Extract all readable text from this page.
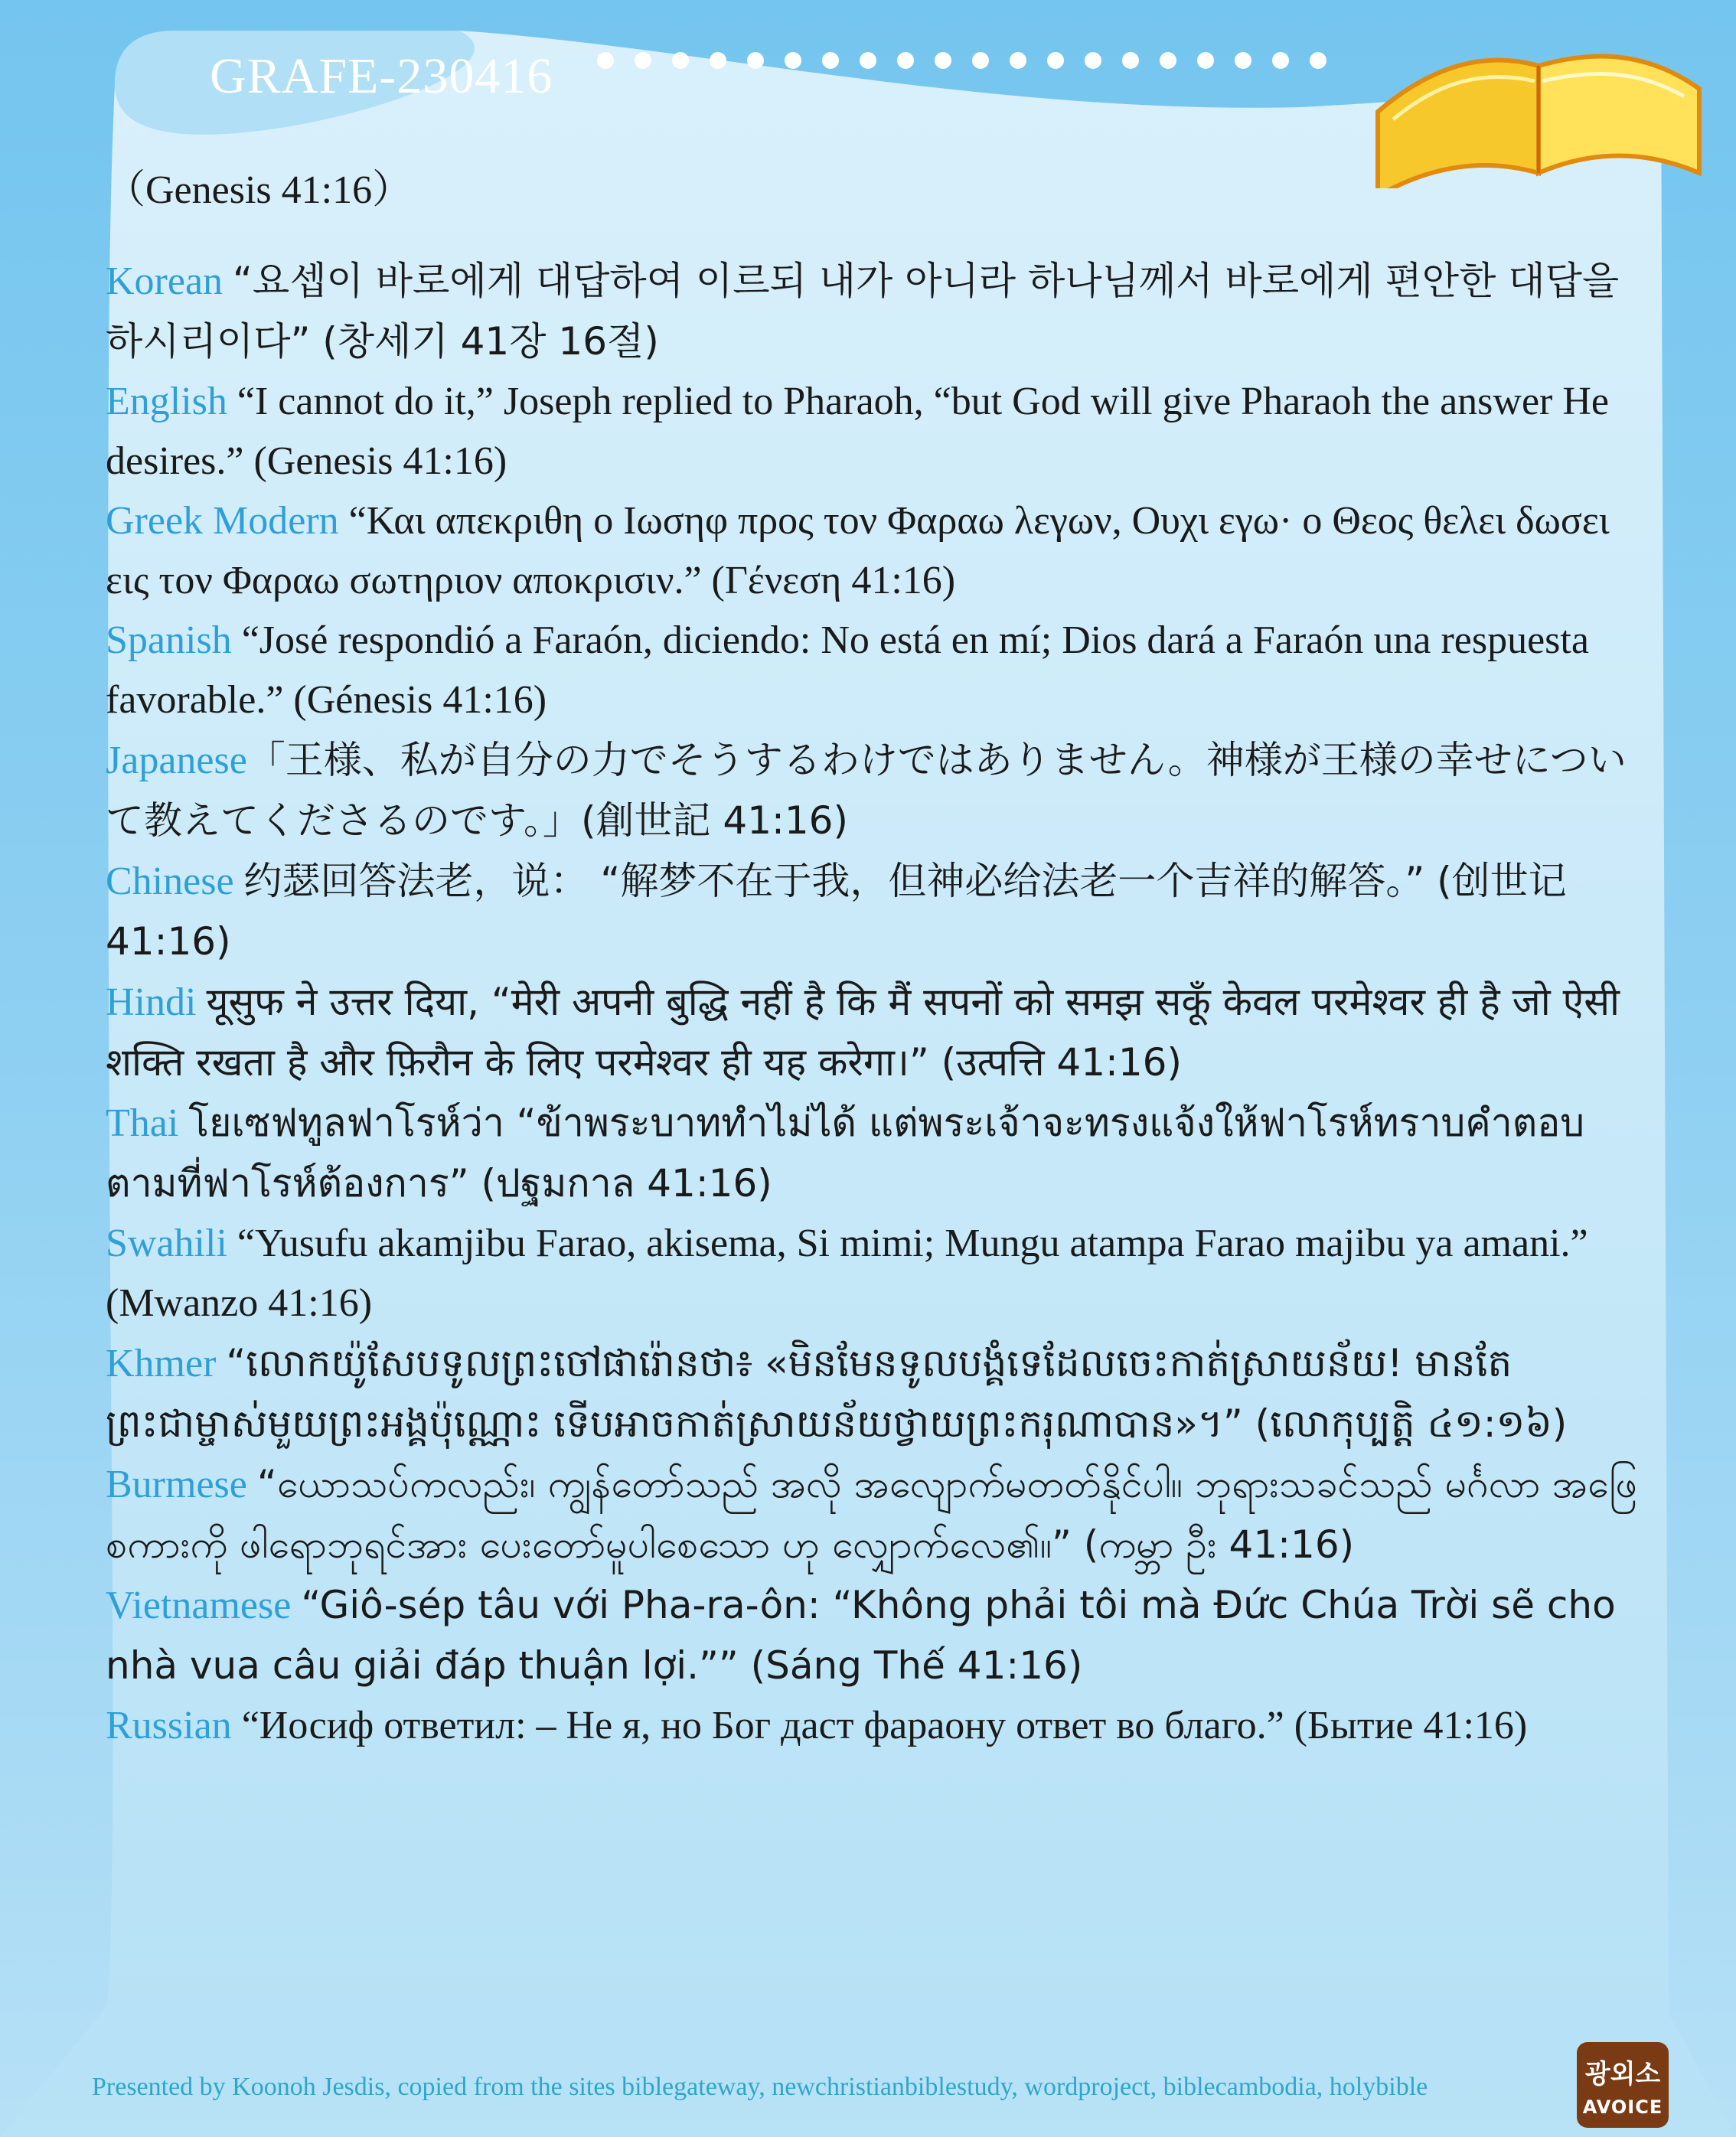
GRAFE-230416

（Genesis 41:16）

Korean “요셉이 바로에게 대답하여 이르되 내가 아니라 하나님께서 바로에게 편안한 대답을 하시리이다” (창세기 41장 16절)

English “I cannot do it,” Joseph replied to Pharaoh, “but God will give Pharaoh the answer He desires.” (Genesis 41:16)

Greek Modern “Και απεκριθη ο Ιωσηφ προς τον Φαραω λεγων, Ουχι εγω· ο Θεος θελει δωσει εις τον Φαραω σωτηριον αποκρισιν.” (Γένεση 41:16)

Spanish “José respondió a Faraón, diciendo: No está en mí; Dios dará a Faraón una respuesta favorable.” (Génesis 41:16)

Japanese「王様、私が自分の力でそうするわけではありません。神様が王様の幸せについて教えてくださるのです。」(創世記 41:16)

Chinese 约瑟回答法老，说： “解梦不在于我，但神必给法老一个吉祥的解答。” (创世记 41:16)

Hindi यूसुफ ने उत्तर दिया, “मेरी अपनी बुद्धि नहीं है कि मैं सपनों को समझ सकूँ केवल परमेश्वर ही है जो ऐसी शक्ति रखता है और फ़िरौन के लिए परमेश्वर ही यह करेगा।” (उत्पत्ति 41:16)

Thai โยเซฟทูลฟาโรห์ว่า “ข้าพระบาททำไม่ได้ แต่พระเจ้าจะทรงแจ้งให้ฟาโรห์ทราบคำตอบตามที่ฟาโรห์ต้องการ” (ปฐมกาล 41:16)

Swahili “Yusufu akamjibu Farao, akisema, Si mimi; Mungu atampa Farao majibu ya amani.” (Mwanzo 41:16)

Khmer “លោកយ៉ូសែបទូលព្រះចៅផារ៉ោនថា៖ «មិនមែនទូលបង្គំទេដែលចេះកាត់ស្រាយន័យ! មានតែព្រះជាម្ចាស់មួយព្រះអង្គប៉ុណ្ណោះ ទើបអាចកាត់ស្រាយន័យថ្វាយព្រះករុណាបាន»។” (លោកុប្បត្តិ ៤១:១៦)

Burmese “ယောသပ်ကလည်း၊ ကျွန်တော်သည် အလို အလျောက်မတတ်နိုင်ပါ။ ဘုရားသခင်သည် မင်္ဂလာ အဖြေစကားကို ဖါရောဘုရင်အား ပေးတော်မူပါစေသော ဟု လျှောက်လေ၏။” (ကမ္ဘာ ဦး 41:16)

Vietnamese “Giô-sép tâu với Pha-ra-ôn: “Không phải tôi mà Đức Chúa Trời sẽ cho nhà vua câu giải đáp thuận lợi.”” (Sáng Thế 41:16)

Russian “Иосиф ответил: – Не я, но Бог даст фараону ответ во благо.” (Бытие 41:16)

Presented by Koonoh Jesdis, copied from the sites biblegateway, newchristianbiblestudy, wordproject, biblecambodia, holybible	광외소
AVOICE
